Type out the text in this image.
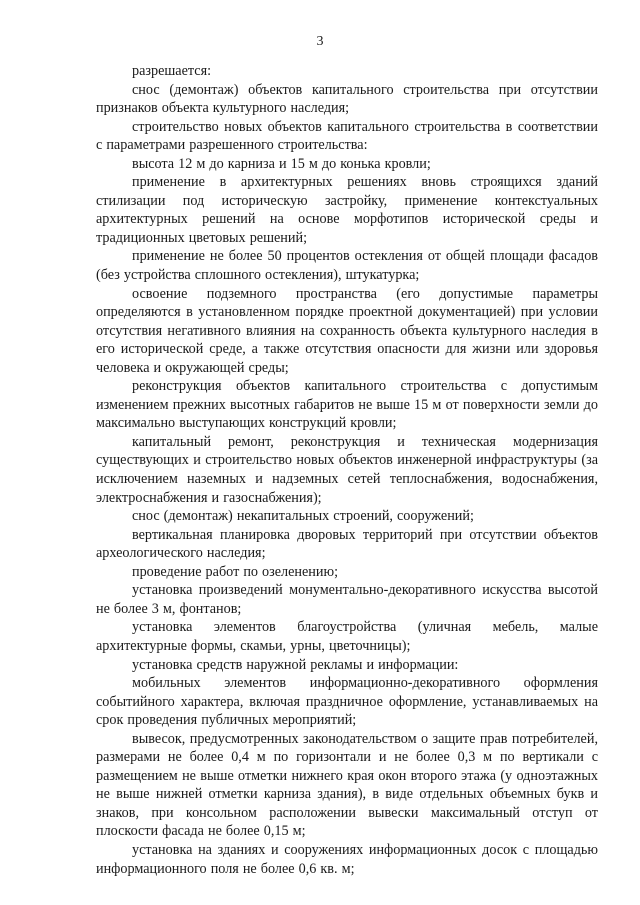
3

разрешается:

снос (демонтаж) объектов капитального строительства при отсутствии признаков объекта культурного наследия;

строительство новых объектов капитального строительства в соответствии с параметрами разрешенного строительства:

высота 12 м до карниза и 15 м до конька кровли;

применение в архитектурных решениях вновь строящихся зданий стилизации под историческую застройку, применение контекстуальных архитектурных решений на основе морфотипов исторической среды и традиционных цветовых решений;

применение не более 50 процентов остекления от общей площади фасадов (без устройства сплошного остекления), штукатурка;

освоение подземного пространства (его допустимые параметры определяются в установленном порядке проектной документацией) при условии отсутствия негативного влияния на сохранность объекта культурного наследия в его исторической среде, а также отсутствия опасности для жизни или здоровья человека и окружающей среды;

реконструкция объектов капитального строительства с допустимым изменением прежних высотных габаритов не выше 15 м от поверхности земли до максимально выступающих конструкций кровли;

капитальный ремонт, реконструкция и техническая модернизация существующих и строительство новых объектов инженерной инфраструктуры (за исключением наземных и надземных сетей теплоснабжения, водоснабжения, электроснабжения и газоснабжения);

снос (демонтаж) некапитальных строений, сооружений;

вертикальная планировка дворовых территорий при отсутствии объектов археологического наследия;

проведение работ по озеленению;

установка произведений монументально-декоративного искусства высотой не более 3 м, фонтанов;

установка элементов благоустройства (уличная мебель, малые архитектурные формы, скамьи, урны, цветочницы);

установка средств наружной рекламы и информации:

мобильных элементов информационно-декоративного оформления событийного характера, включая праздничное оформление, устанавливаемых на срок проведения публичных мероприятий;

вывесок, предусмотренных законодательством о защите прав потребителей, размерами не более 0,4 м по горизонтали и не более 0,3 м по вертикали с размещением не выше отметки нижнего края окон второго этажа (у одноэтажных не выше нижней отметки карниза здания), в виде отдельных объемных букв и знаков, при консольном расположении вывески максимальный отступ от плоскости фасада не более 0,15 м;

установка на зданиях и сооружениях информационных досок с площадью информационного поля не более 0,6 кв. м;
